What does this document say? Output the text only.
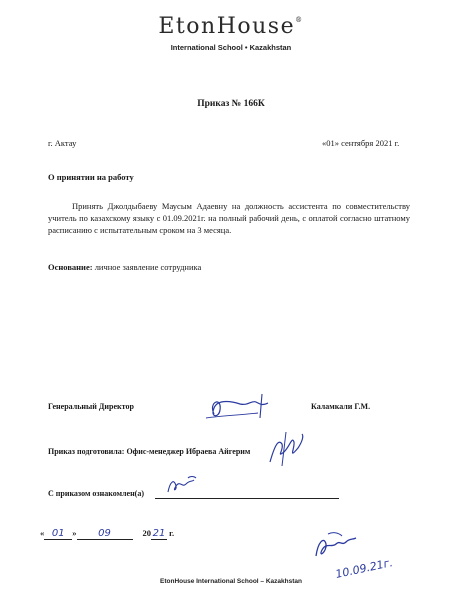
EtonHouse®
International School • Kazakhstan
Приказ № 166К
г. Актау	«01» сентября 2021 г.
О принятии на работу
Принять Джолдыбаеву Маусым Адаевну на должность ассистента по совместительству учитель по казахскому языку с 01.09.2021г. на полный рабочий день, с оплатой согласно штатному расписанию с испытательным сроком на 3 месяца.
Основание: личное заявление сотрудника
Генеральный Директор	Каламкали Г.М.
Приказ подготовила: Офис-менеджер Ибраева Айгерим
С приказом ознакомлен(а)
« 01 » 09	20 21 г.
10.09.21г.
EtonHouse International School – Kazakhstan
